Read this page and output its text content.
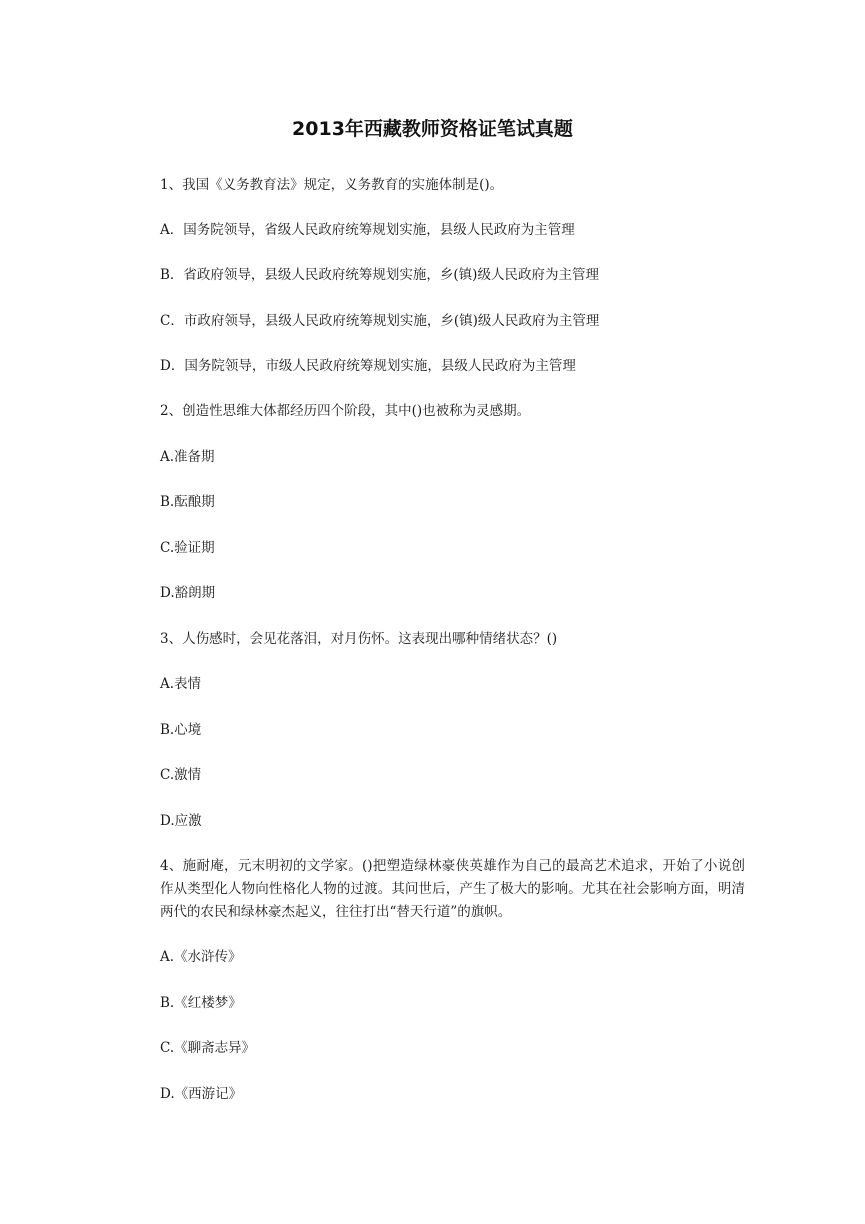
2013年西藏教师资格证笔试真题
1、我国《义务教育法》规定，义务教育的实施体制是()。
A．国务院领导，省级人民政府统筹规划实施，县级人民政府为主管理
B．省政府领导，县级人民政府统筹规划实施，乡(镇)级人民政府为主管理
C．市政府领导，县级人民政府统筹规划实施，乡(镇)级人民政府为主管理
D．国务院领导，市级人民政府统筹规划实施，县级人民政府为主管理
2、创造性思维大体都经历四个阶段，其中()也被称为灵感期。
A.准备期
B.酝酿期
C.验证期
D.豁朗期
3、人伤感时，会见花落泪，对月伤怀。这表现出哪种情绪状态？()
A.表情
B.心境
C.激情
D.应激
4、施耐庵，元末明初的文学家。()把塑造绿林豪侠英雄作为自己的最高艺术追求，开始了小说创作从类型化人物向性格化人物的过渡。其问世后，产生了极大的影响。尤其在社会影响方面，明清两代的农民和绿林豪杰起义，往往打出“替天行道”的旗帜。
A.《水浒传》
B.《红楼梦》
C.《聊斋志异》
D.《西游记》
